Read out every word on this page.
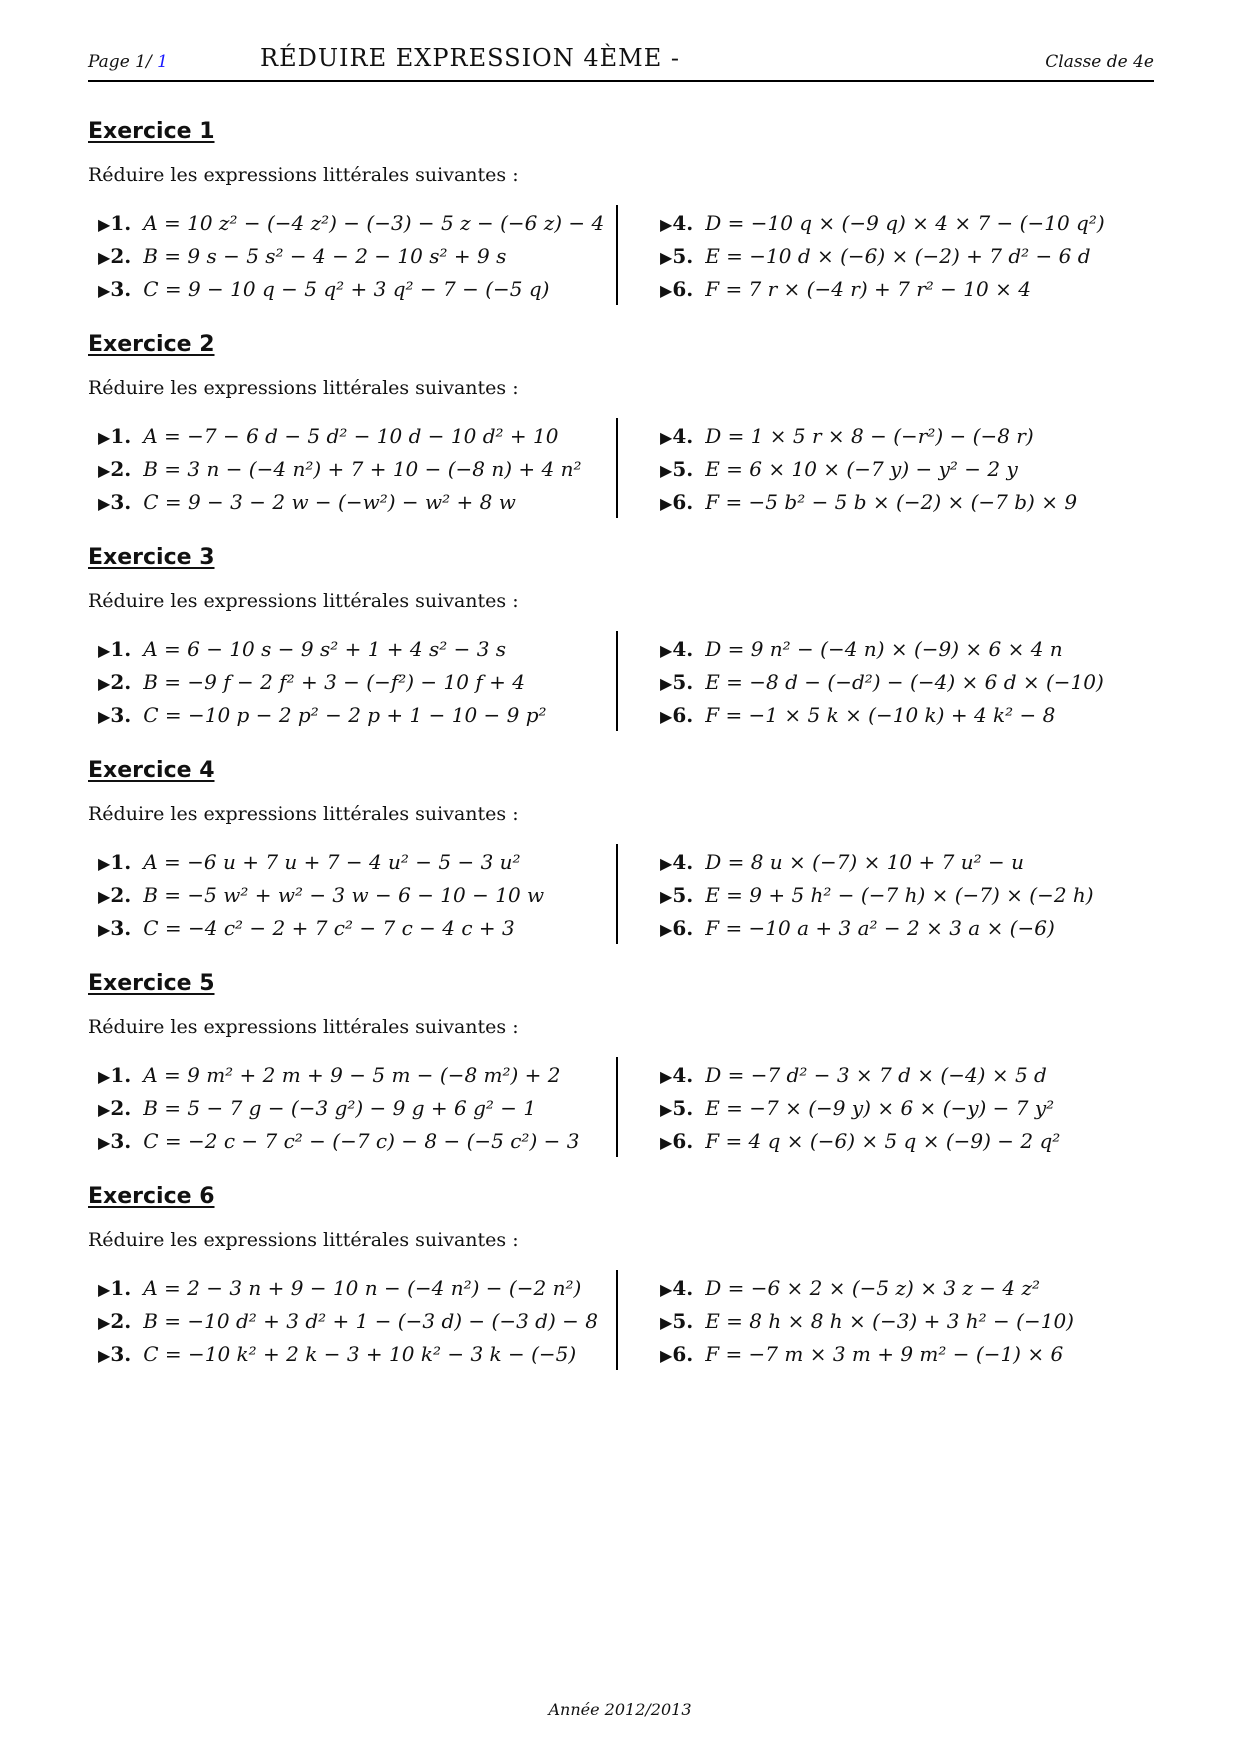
Page 1/ 1	RÉDUIRE EXPRESSION 4ÈME -	Classe de 4e
Exercice 1
Réduire les expressions littérales suivantes :
▶1. A = 10 z² − (−4 z²) − (−3) − 5 z − (−6 z) − 4
▶2. B = 9 s − 5 s² − 4 − 2 − 10 s² + 9 s
▶3. C = 9 − 10 q − 5 q² + 3 q² − 7 − (−5 q)
▶4. D = −10 q × (−9 q) × 4 × 7 − (−10 q²)
▶5. E = −10 d × (−6) × (−2) + 7 d² − 6 d
▶6. F = 7 r × (−4 r) + 7 r² − 10 × 4
Exercice 2
Réduire les expressions littérales suivantes :
▶1. A = −7 − 6 d − 5 d² − 10 d − 10 d² + 10
▶2. B = 3 n − (−4 n²) + 7 + 10 − (−8 n) + 4 n²
▶3. C = 9 − 3 − 2 w − (−w²) − w² + 8 w
▶4. D = 1 × 5 r × 8 − (−r²) − (−8 r)
▶5. E = 6 × 10 × (−7 y) − y² − 2 y
▶6. F = −5 b² − 5 b × (−2) × (−7 b) × 9
Exercice 3
Réduire les expressions littérales suivantes :
▶1. A = 6 − 10 s − 9 s² + 1 + 4 s² − 3 s
▶2. B = −9 f − 2 f² + 3 − (−f²) − 10 f + 4
▶3. C = −10 p − 2 p² − 2 p + 1 − 10 − 9 p²
▶4. D = 9 n² − (−4 n) × (−9) × 6 × 4 n
▶5. E = −8 d − (−d²) − (−4) × 6 d × (−10)
▶6. F = −1 × 5 k × (−10 k) + 4 k² − 8
Exercice 4
Réduire les expressions littérales suivantes :
▶1. A = −6 u + 7 u + 7 − 4 u² − 5 − 3 u²
▶2. B = −5 w² + w² − 3 w − 6 − 10 − 10 w
▶3. C = −4 c² − 2 + 7 c² − 7 c − 4 c + 3
▶4. D = 8 u × (−7) × 10 + 7 u² − u
▶5. E = 9 + 5 h² − (−7 h) × (−7) × (−2 h)
▶6. F = −10 a + 3 a² − 2 × 3 a × (−6)
Exercice 5
Réduire les expressions littérales suivantes :
▶1. A = 9 m² + 2 m + 9 − 5 m − (−8 m²) + 2
▶2. B = 5 − 7 g − (−3 g²) − 9 g + 6 g² − 1
▶3. C = −2 c − 7 c² − (−7 c) − 8 − (−5 c²) − 3
▶4. D = −7 d² − 3 × 7 d × (−4) × 5 d
▶5. E = −7 × (−9 y) × 6 × (−y) − 7 y²
▶6. F = 4 q × (−6) × 5 q × (−9) − 2 q²
Exercice 6
Réduire les expressions littérales suivantes :
▶1. A = 2 − 3 n + 9 − 10 n − (−4 n²) − (−2 n²)
▶2. B = −10 d² + 3 d² + 1 − (−3 d) − (−3 d) − 8
▶3. C = −10 k² + 2 k − 3 + 10 k² − 3 k − (−5)
▶4. D = −6 × 2 × (−5 z) × 3 z − 4 z²
▶5. E = 8 h × 8 h × (−3) + 3 h² − (−10)
▶6. F = −7 m × 3 m + 9 m² − (−1) × 6
Année 2012/2013
